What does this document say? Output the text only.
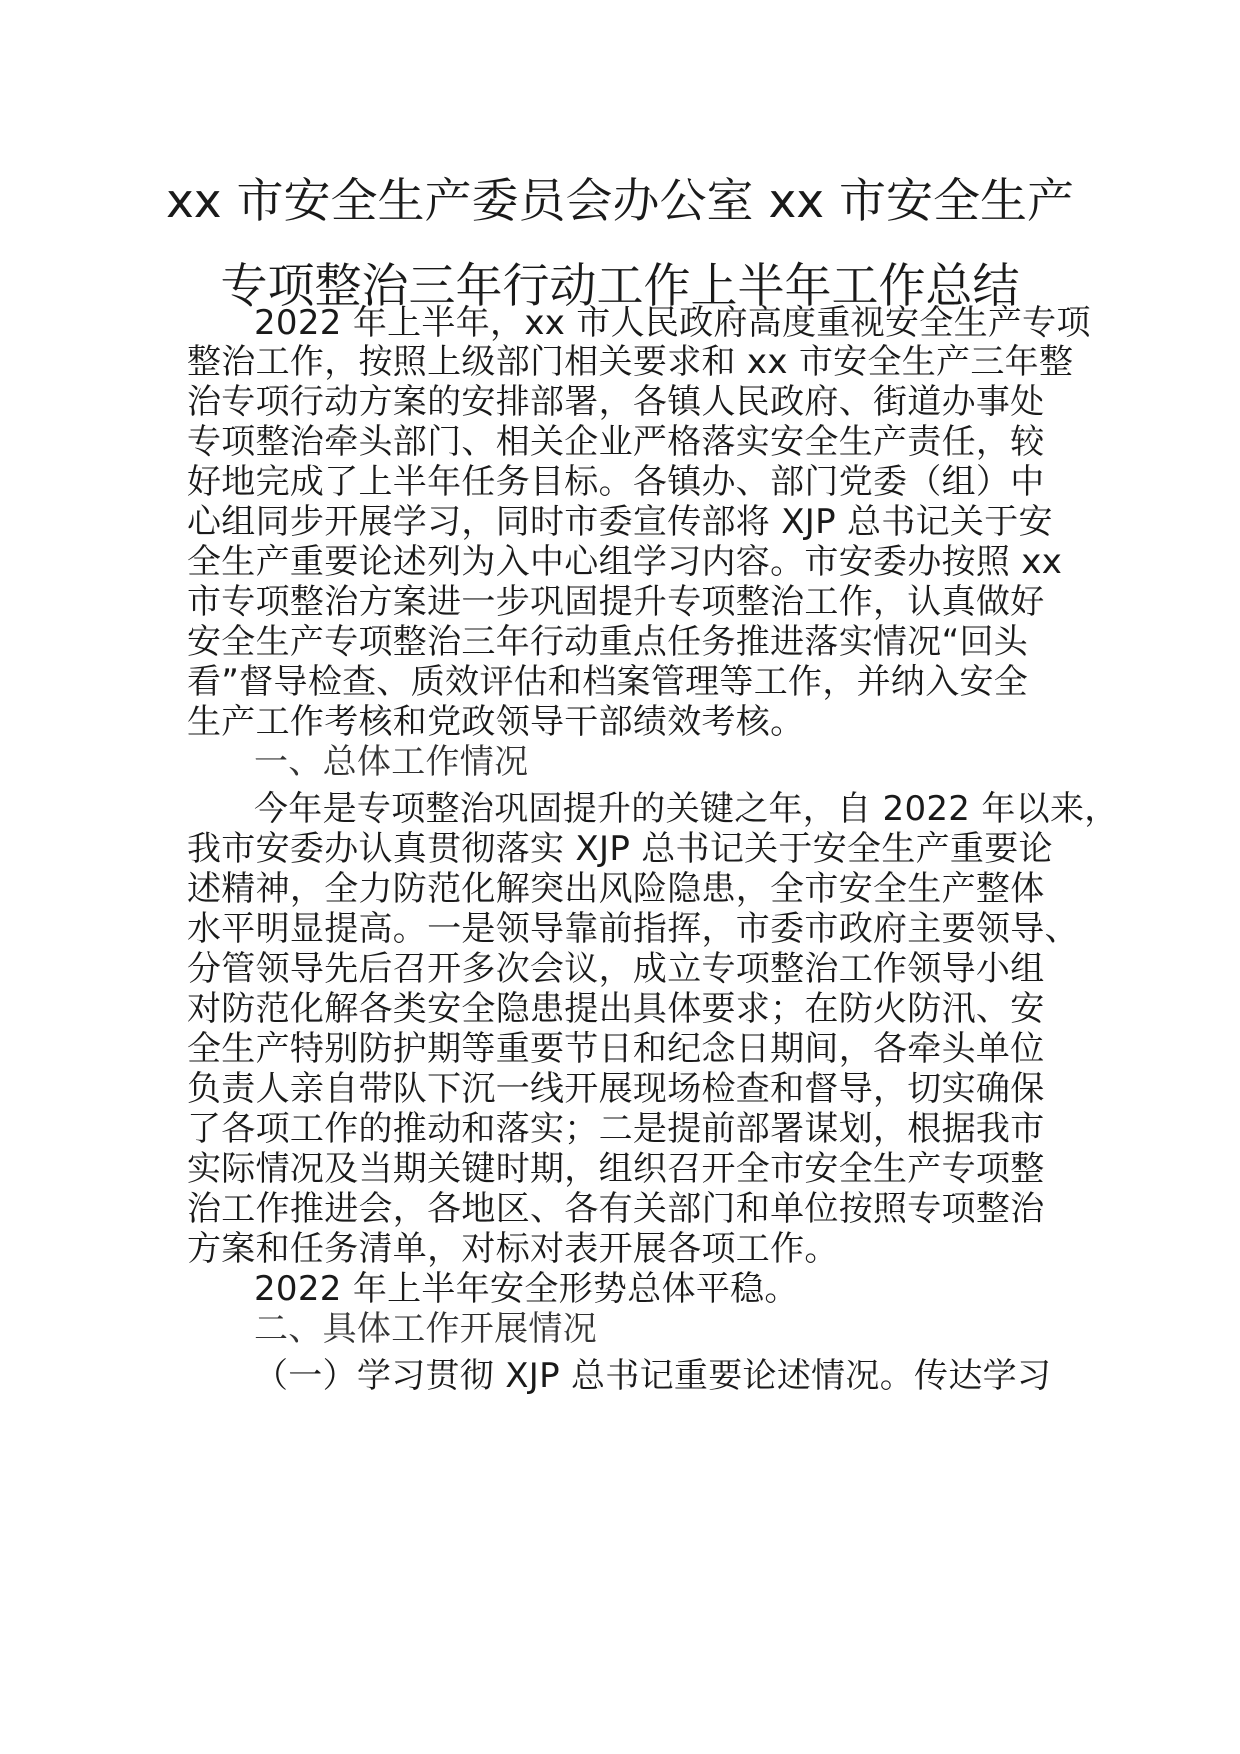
xx 市安全生产委员会办公室 xx 市安全生产
专项整治三年行动工作上半年工作总结
2022 年上半年，xx 市人民政府高度重视安全生产专项
整治工作，按照上级部门相关要求和 xx 市安全生产三年整
治专项行动方案的安排部署，各镇人民政府、街道办事处
专项整治牵头部门、相关企业严格落实安全生产责任，较
好地完成了上半年任务目标。各镇办、部门党委（组）中
心组同步开展学习，同时市委宣传部将 XJP 总书记关于安
全生产重要论述列为入中心组学习内容。市安委办按照 xx
市专项整治方案进一步巩固提升专项整治工作，认真做好
安全生产专项整治三年行动重点任务推进落实情况“回头
看”督导检查、质效评估和档案管理等工作，并纳入安全
生产工作考核和党政领导干部绩效考核。
一、总体工作情况
今年是专项整治巩固提升的关键之年，自 2022 年以来，
我市安委办认真贯彻落实 XJP 总书记关于安全生产重要论
述精神，全力防范化解突出风险隐患，全市安全生产整体
水平明显提高。一是领导靠前指挥，市委市政府主要领导、
分管领导先后召开多次会议，成立专项整治工作领导小组
对防范化解各类安全隐患提出具体要求；在防火防汛、安
全生产特别防护期等重要节日和纪念日期间，各牵头单位
负责人亲自带队下沉一线开展现场检查和督导，切实确保
了各项工作的推动和落实；二是提前部署谋划，根据我市
实际情况及当期关键时期，组织召开全市安全生产专项整
治工作推进会，各地区、各有关部门和单位按照专项整治
方案和任务清单，对标对表开展各项工作。
2022 年上半年安全形势总体平稳。
二、具体工作开展情况
（一）学习贯彻 XJP 总书记重要论述情况。传达学习
